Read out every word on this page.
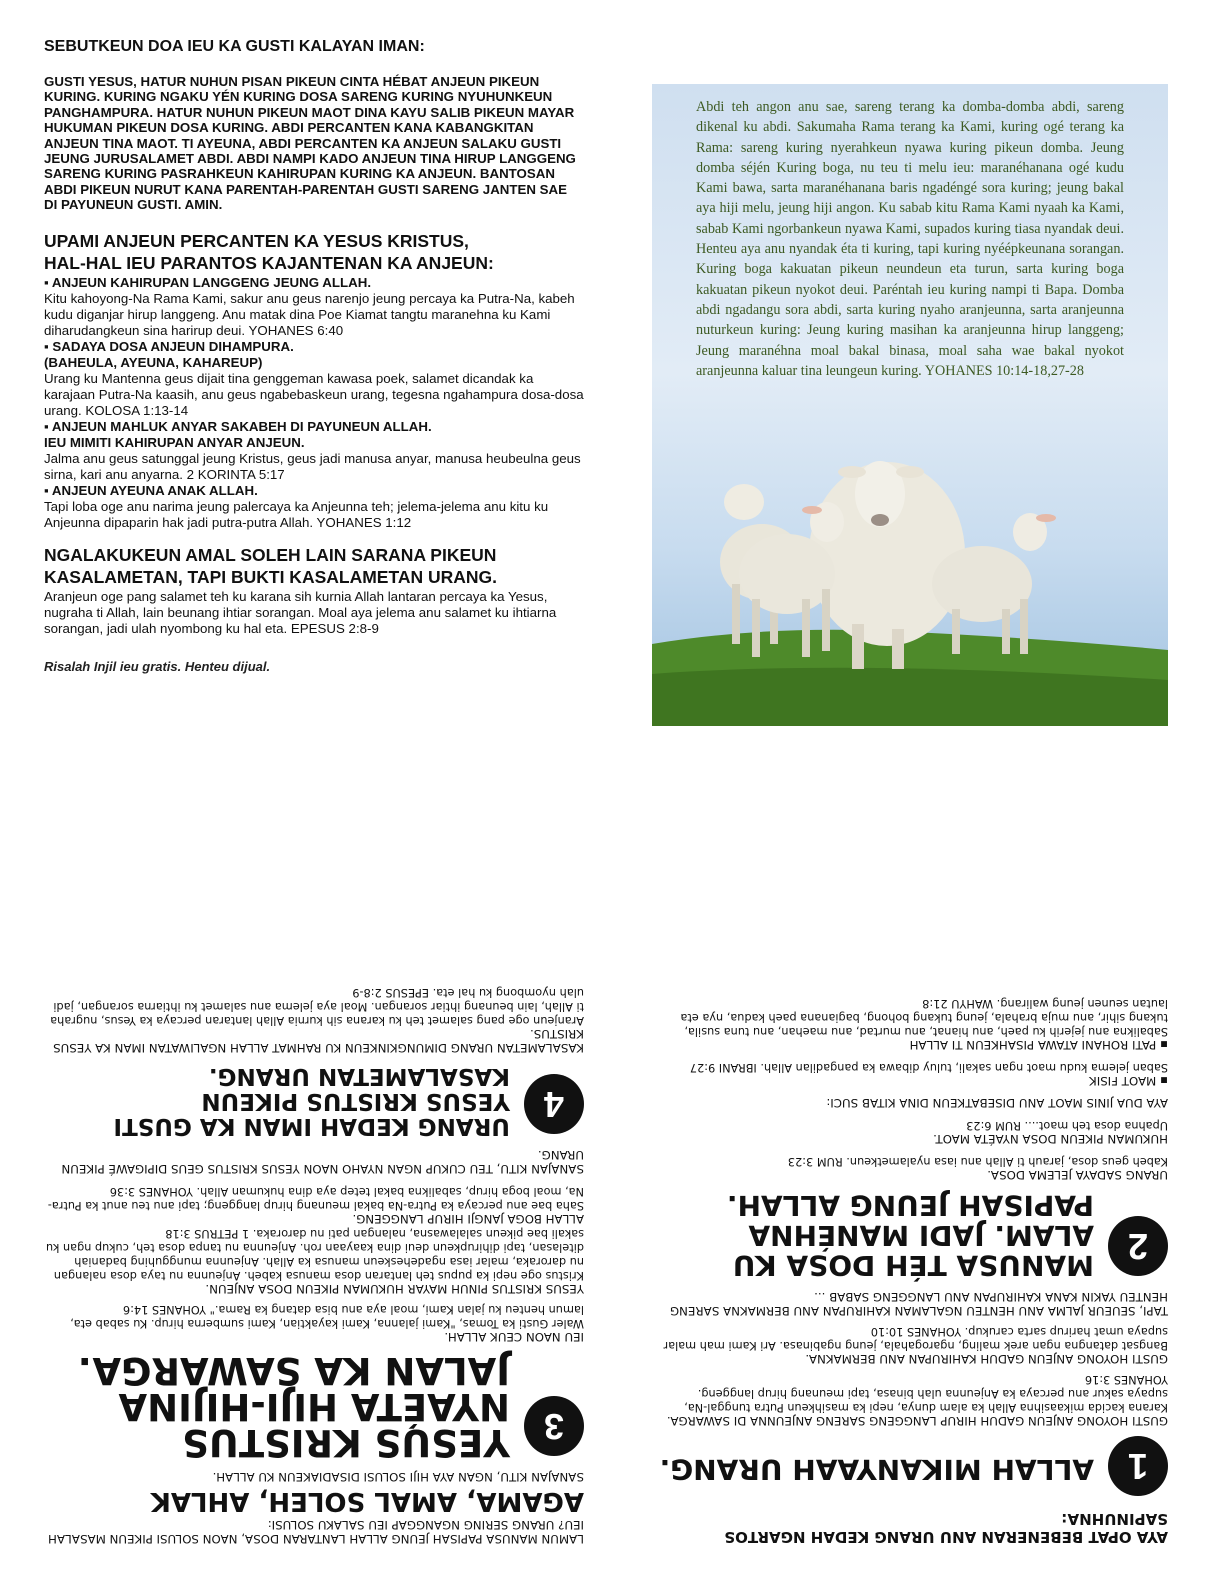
SEBUTKEUN DOA IEU KA GUSTI KALAYAN IMAN:

GUSTI YESUS, HATUR NUHUN PISAN PIKEUN CINTA HÉBAT ANJEUN PIKEUN KURING. KURING NGAKU YÉN KURING DOSA SARENG KURING NYUHUNKEUN PANGHAMPURA. HATUR NUHUN PIKEUN MAOT DINA KAYU SALIB PIKEUN MAYAR HUKUMAN PIKEUN DOSA KURING. ABDI PERCANTEN KANA KABANGKITAN ANJEUN TINA MAOT. TI AYEUNA, ABDI PERCANTEN KA ANJEUN SALAKU GUSTI JEUNG JURUSALAMET ABDI. ABDI NAMPI KADO ANJEUN TINA HIRUP LANGGENG SARENG KURING PASRAHKEUN KAHIRUPAN KURING KA ANJEUN. BANTOSAN ABDI PIKEUN NURUT KANA PARENTAH-PARENTAH GUSTI SARENG JANTEN SAE DI PAYUNEUN GUSTI. AMIN.

UPAMI ANJEUN PERCANTEN KA YESUS KRISTUS,

HAL-HAL IEU PARANTOS KAJANTENAN KA ANJEUN:

▪ ANJEUN KAHIRUPAN LANGGENG JEUNG ALLAH.

Kitu kahoyong-Na Rama Kami, sakur anu geus narenjo jeung percaya ka Putra-Na, kabeh kudu diganjar hirup langgeng. Anu matak dina Poe Kiamat tangtu maranehna ku Kami diharudangkeun sina harirup deui. YOHANES 6:40

▪ SADAYA DOSA ANJEUN DIHAMPURA.

(BAHEULA, AYEUNA, KAHAREUP)

Urang ku Mantenna geus dijait tina genggeman kawasa poek, salamet dicandak ka karajaan Putra-Na kaasih, anu geus ngabebaskeun urang, tegesna ngahampura dosa-dosa urang. KOLOSA 1:13-14

▪ ANJEUN MAHLUK ANYAR SAKABEH DI PAYUNEUN ALLAH.

IEU MIMITI KAHIRUPAN ANYAR ANJEUN.

Jalma anu geus satunggal jeung Kristus, geus jadi manusa anyar, manusa heubeulna geus sirna, kari anu anyarna. 2 KORINTA 5:17

▪ ANJEUN AYEUNA ANAK ALLAH.

Tapi loba oge anu narima jeung palercaya ka Anjeunna teh; jelema-jelema anu kitu ku Anjeunna dipaparin hak jadi putra-putra Allah. YOHANES 1:12

NGALAKUKEUN AMAL SOLEH LAIN SARANA PIKEUN

KASALAMETAN, TAPI BUKTI KASALAMETAN URANG.

Aranjeun oge pang salamet teh ku karana sih kurnia Allah lantaran percaya ka Yesus, nugraha ti Allah, lain beunang ihtiar sorangan. Moal aya jelema anu salamet ku ihtiarna sorangan, jadi ulah nyombong ku hal eta. EPESUS 2:8-9

Risalah Injil ieu gratis. Henteu dijual.

Abdi teh angon anu sae, sareng terang ka domba-domba abdi, sareng dikenal ku abdi. Sakumaha Rama terang ka Kami, kuring ogé terang ka Rama: sareng kuring nyerahkeun nyawa kuring pikeun domba. Jeung domba séjén Kuring boga, nu teu ti melu ieu: maranéhanana ogé kudu Kami bawa, sarta maranéhanana baris ngadéngé sora kuring; jeung bakal aya hiji melu, jeung hiji angon. Ku sabab kitu Rama Kami nyaah ka Kami, sabab Kami ngorbankeun nyawa Kami, supados kuring tiasa nyandak deui. Henteu aya anu nyandak éta ti kuring, tapi kuring nyéépkeunana sorangan. Kuring boga kakuatan pikeun neundeun eta turun, sarta kuring boga kakuatan pikeun nyokot deui. Paréntah ieu kuring nampi ti Bapa. Domba abdi ngadangu sora abdi, sarta kuring nyaho aranjeunna, sarta aranjeunna nuturkeun kuring: Jeung kuring masihan ka aranjeunna hirup langgeng; Jeung maranéhna moal bakal binasa, moal saha wae bakal nyokot aranjeunna kaluar tina leungeun kuring. YOHANES 10:14-18,27-28

AYA OPAT BEBENERAN ANU URANG KEDAH NGARTOS SAPINUHNA:

1
ALLAH MIKANYAAH URANG.

GUSTI HOYONG ANJEUN GADUH HIRUP LANGGENG SARENG ANJEUNNA DI SAWARGA.

Karana kacida mikaasihna Allah ka alam dunya, nepi ka masihkeun Putra tunggal-Na, supaya sakur anu percaya ka Anjeunna ulah binasa, tapi meunang hirup langgeng. YOHANES 3:16

GUSTI HOYONG ANJEUN GADUH KAHIRUPAN ANU BERMAKNA.

Bangsat datangna ngan arek maling, ngarogahala, jeung ngabinasa. Ari Kami mah malar supaya umat harirup sarta carukup. YOHANES 10:10

TAPI, SEUEUR JALMA ANU HENTEU NGALAMAN KAHIRUPAN ANU BERMAKNA SARENG HENTEU YAKIN KANA KAHIRUPAN ANU LANGGENG SABAB ...

2
MANUSA TÉH DOSA KU ALAM. JADI MANÉHNA PAPISAH JEUNG ALLAH.

URANG SADAYA JELEMA DOSA.

Kabeh geus dosa, jarauh ti Allah anu iasa nyalametkeun. RUM 3:23

HUKUMAN PIKEUN DOSA NYAÉTA MAOT.

Upahna dosa teh maot.... RUM 6:23

AYA DUA JINIS MAOT ANU DISEBATKEUN DINA KITAB SUCI:

▪ MAOT FISIK

Saban jelema kudu maot ngan sakali, tuluy dibawa ka pangadilan Allah. IBRANI 9:27

▪ PATI ROHANI ATAWA PISAHKEUN TI ALLAH

Sabalikna anu jejerih ku paeh, anu hianat, anu murtad, anu maehan, anu tuna susila, tukang sihir, anu muja brahala, jeung tukang bohong, bagianana paeh kadua, nya eta lautan seunen jeung walirang. WAHYU 21:8

LAMUN MANUSA PAPISAH JEUNG ALLAH LANTARAN DOSA, NAON SOLUSI PIKEUN MASALAH IEU? URANG SERING NGANGGAP IEU SALAKU SOLUSI:

AGAMA, AMAL SOLEH, AHLAK

SANAJAN KITU, NGAN AYA HIJI SOLUSI DISADIAKEUN KU ALLAH.

3
YESUS KRISTUS NYAÉTA HIJI-HIJINA JALAN KA SAWARGA.

IEU NAON CEUK ALLAH.

Waler Gusti ka Tomas, "Kami jalanna, Kami kayaktian, Kami sumberna hirup. Ku sabab eta, lamun henteu ku jalan Kami, moal aya anu bisa datang ka Rama." YOHANES 14:6

YESUS KRISTUS PINUH MAYAR HUKUMAN PIKEUN DOSA ANJEUN.

Kristus oge nepi ka pupus teh lantaran dosa manusa kabeh. Anjeunna nu taya dosa nalangan nu daroraka, malar iasa ngadeheskeun manusa ka Allah. Anjeunna mungguhing badaniah ditelasan, tapi dihirupkeun deui dina kaayaan roh. Anjeunna nu tanpa dosa teh, cukup ngan ku sakali bae pikeun salalawasna, nalangan pati nu daroraka. 1 PETRUS 3:18

ALLAH BOGA JANGJI HIRUP LANGGENG.

Saha bae anu percaya ka Putra-Na bakal meunang hirup langgeng; tapi anu teu anut ka Putra-Na, moal boga hirup, sabalikna bakal tetep aya dina hukuman Allah. YOHANES 3:36

SANAJAN KITU, TEU CUKUP NGAN NYAHO NAON YESUS KRISTUS GEUS DIPIGAWÉ PIKEUN URANG.

4
URANG KEDAH IMAN KA GUSTI YESUS KRISTUS PIKEUN KASALAMETAN URANG.

KASALAMETAN URANG DIMUNGKINKEUN KU RAHMAT ALLAH NGALIWATAN IMAN KA YESUS KRISTUS.

Aranjeun oge pang salamet teh ku karana sih kurnia Allah lantaran percaya ka Yesus, nugraha ti Allah, lain beunang ihtiar sorangan. Moal aya jelema anu salamet ku ihtiarna sorangan, jadi ulah nyombong ku hal eta. EPESUS 2:8-9
